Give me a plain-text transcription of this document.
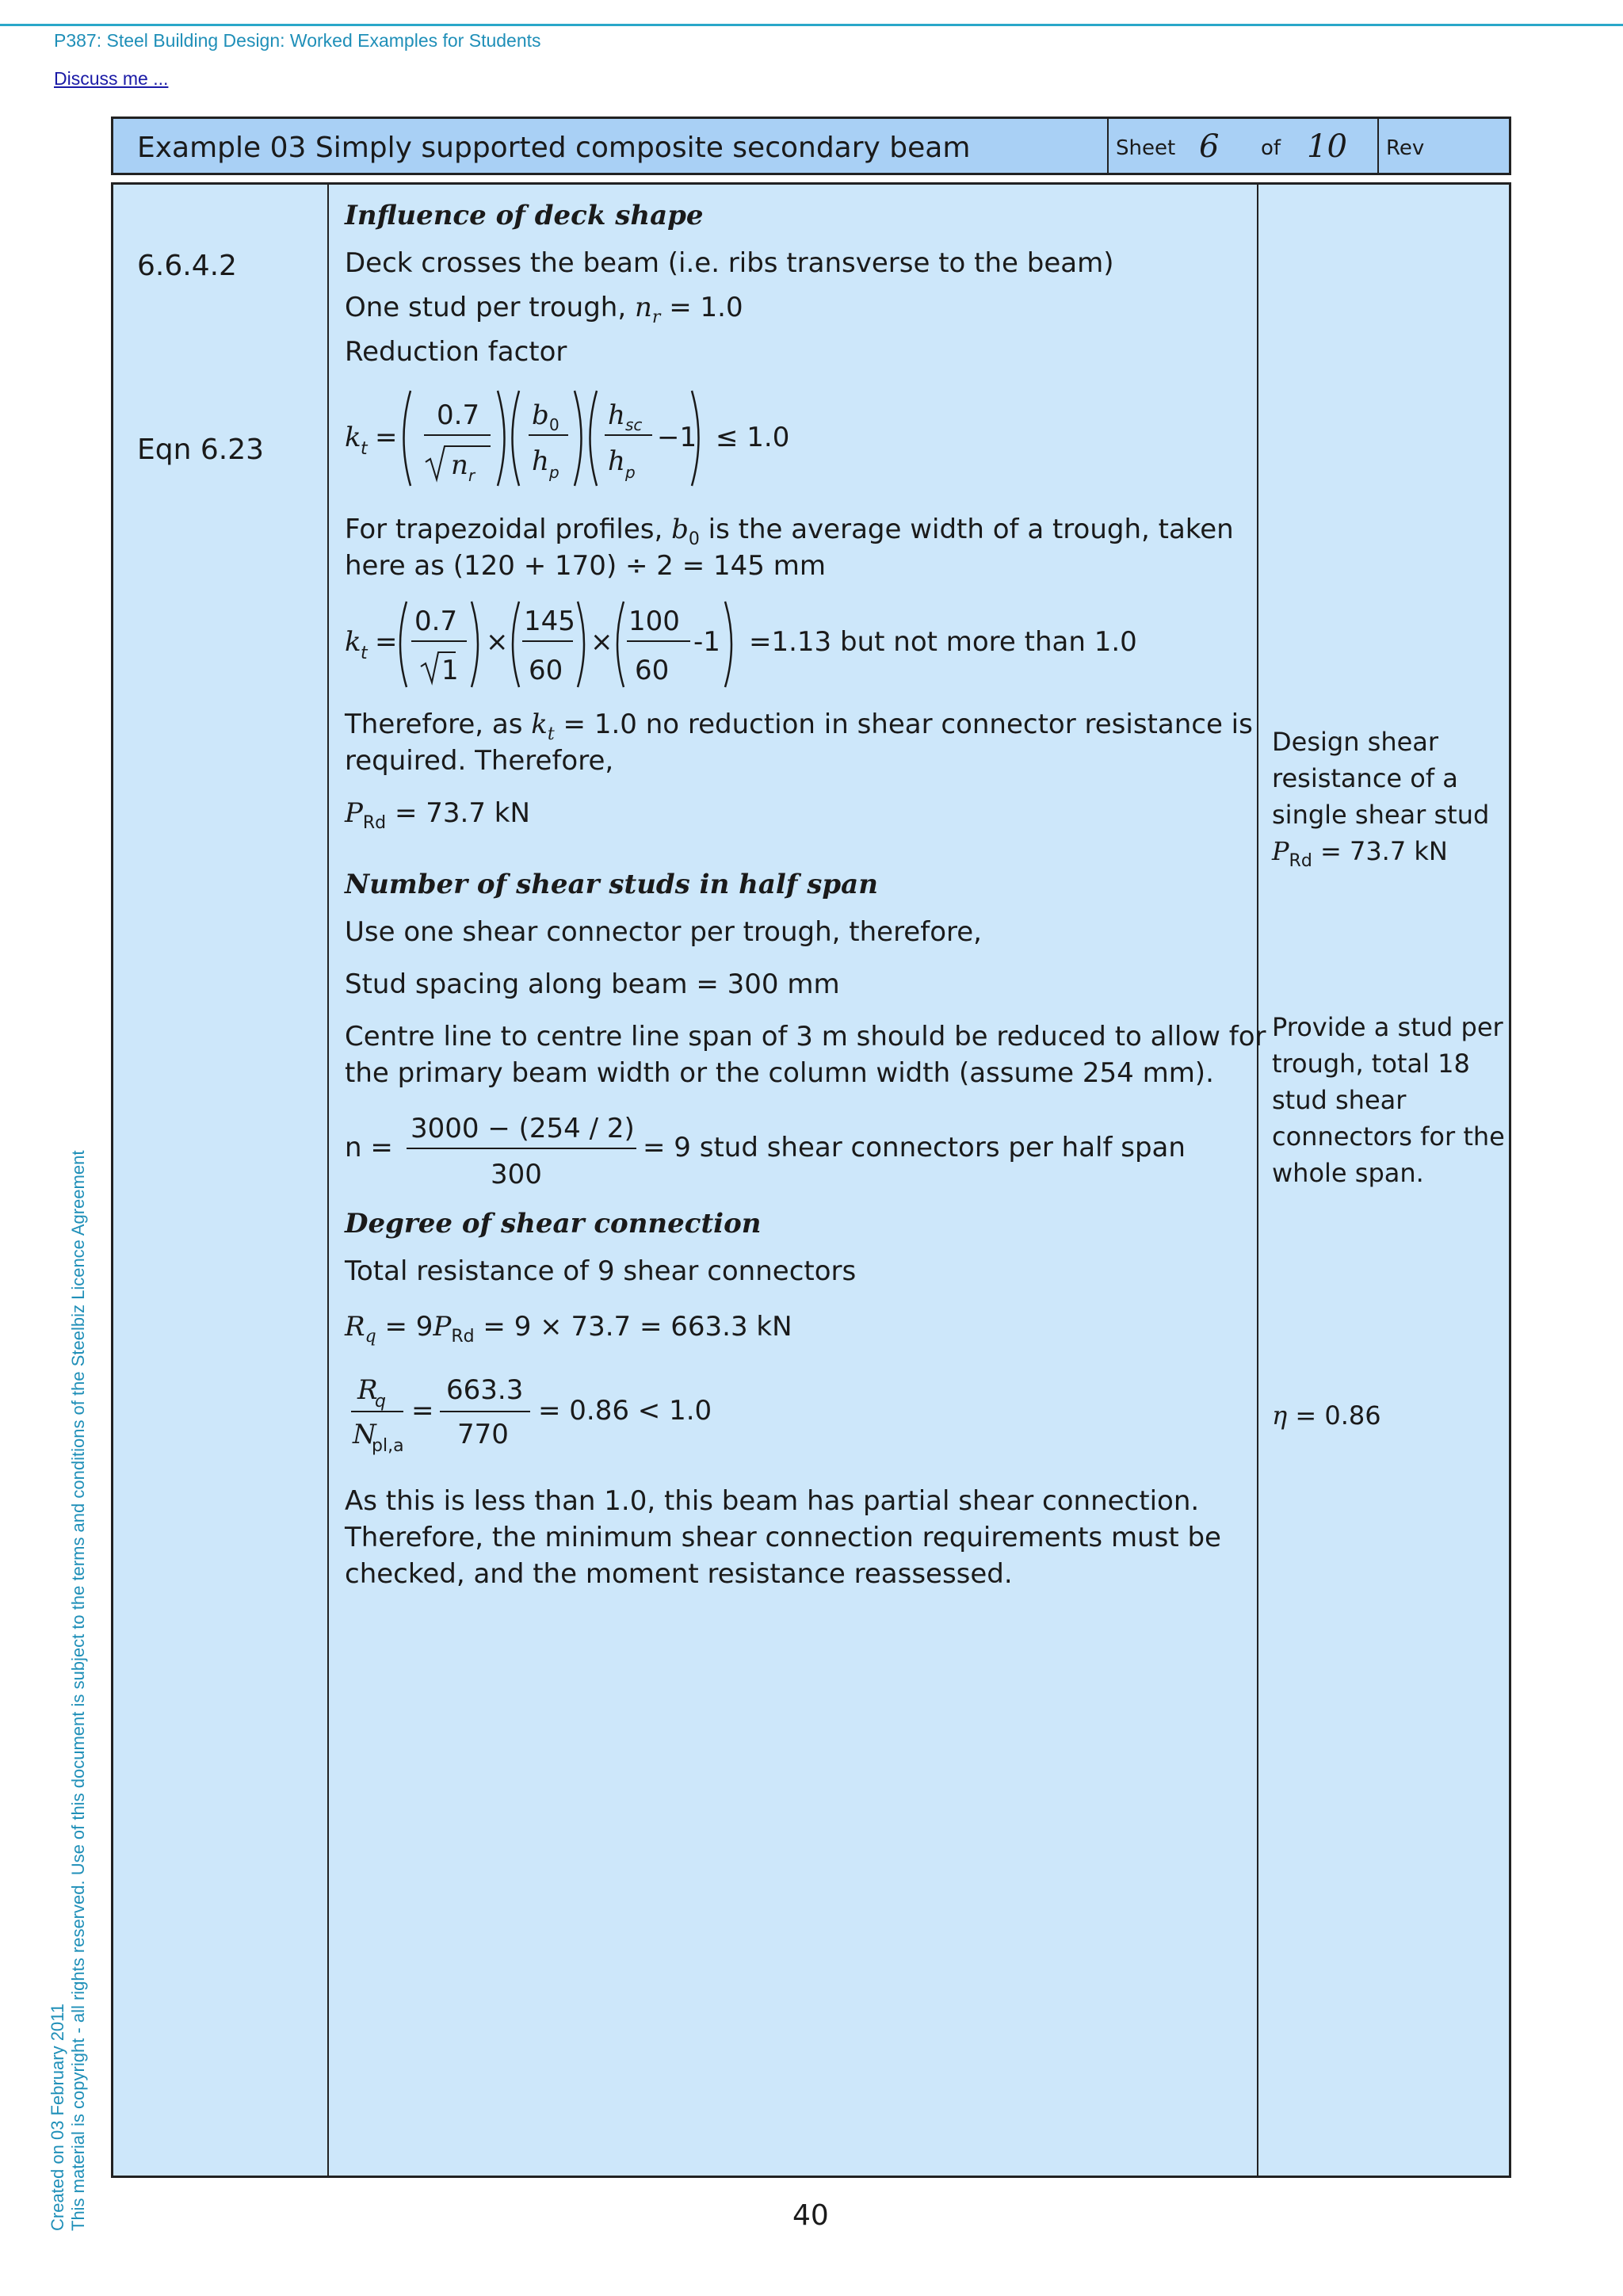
P387: Steel Building Design: Worked Examples for Students
Discuss me ...
Created on 03 February 2011 This material is copyright - all rights reserved. Use of this document is subject to the terms and conditions of the Steelbiz Licence Agreement
Example 03 Simply supported composite secondary beam	Sheet 6 of 10 Rev
6.6.4.2
Eqn 6.23
Influence of deck shape
Deck crosses the beam (i.e. ribs transverse to the beam)
One stud per trough, $n_r = 1.0$
Reduction factor
k t =
0.7
n r
b 0
h p
h sc
h p
−1 ≤ 1.0
For trapezoidal profiles, $b_0$ is the average width of a trough, taken
here as (120 + 170) ÷ 2 = 145 mm
k t =
0.7
1
×
145
60
×
100
60
-1 =1.13 but not more than 1.0
Therefore, as $k_t = 1.0$ no reduction in shear connector resistance is
required. Therefore,
$P_{Rd} = 73.7$ kN
Number of shear studs in half span
Use one shear connector per trough, therefore,
Stud spacing along beam = 300 mm
Centre line to centre line span of 3 m should be reduced to allow for
the primary beam width or the column width (assume 254 mm).
n =
3000 − (254 / 2)
300
= 9 stud shear connectors per half span
Degree of shear connection
Total resistance of 9 shear connectors
$R_q = 9P_{Rd} = 9 \times 73.7 = 663.3$ kN
R
q
N
pl,a
=
663.3
770
= 0.86 < 1.0
As this is less than 1.0, this beam has partial shear connection.
Therefore, the minimum shear connection requirements must be
checked, and the moment resistance reassessed.
Design shear
resistance of a
single shear stud
$P_{Rd} = 73.7$ kN
Provide a stud per
trough, total 18
stud shear
connectors for the
whole span.
η = 0.86
40
